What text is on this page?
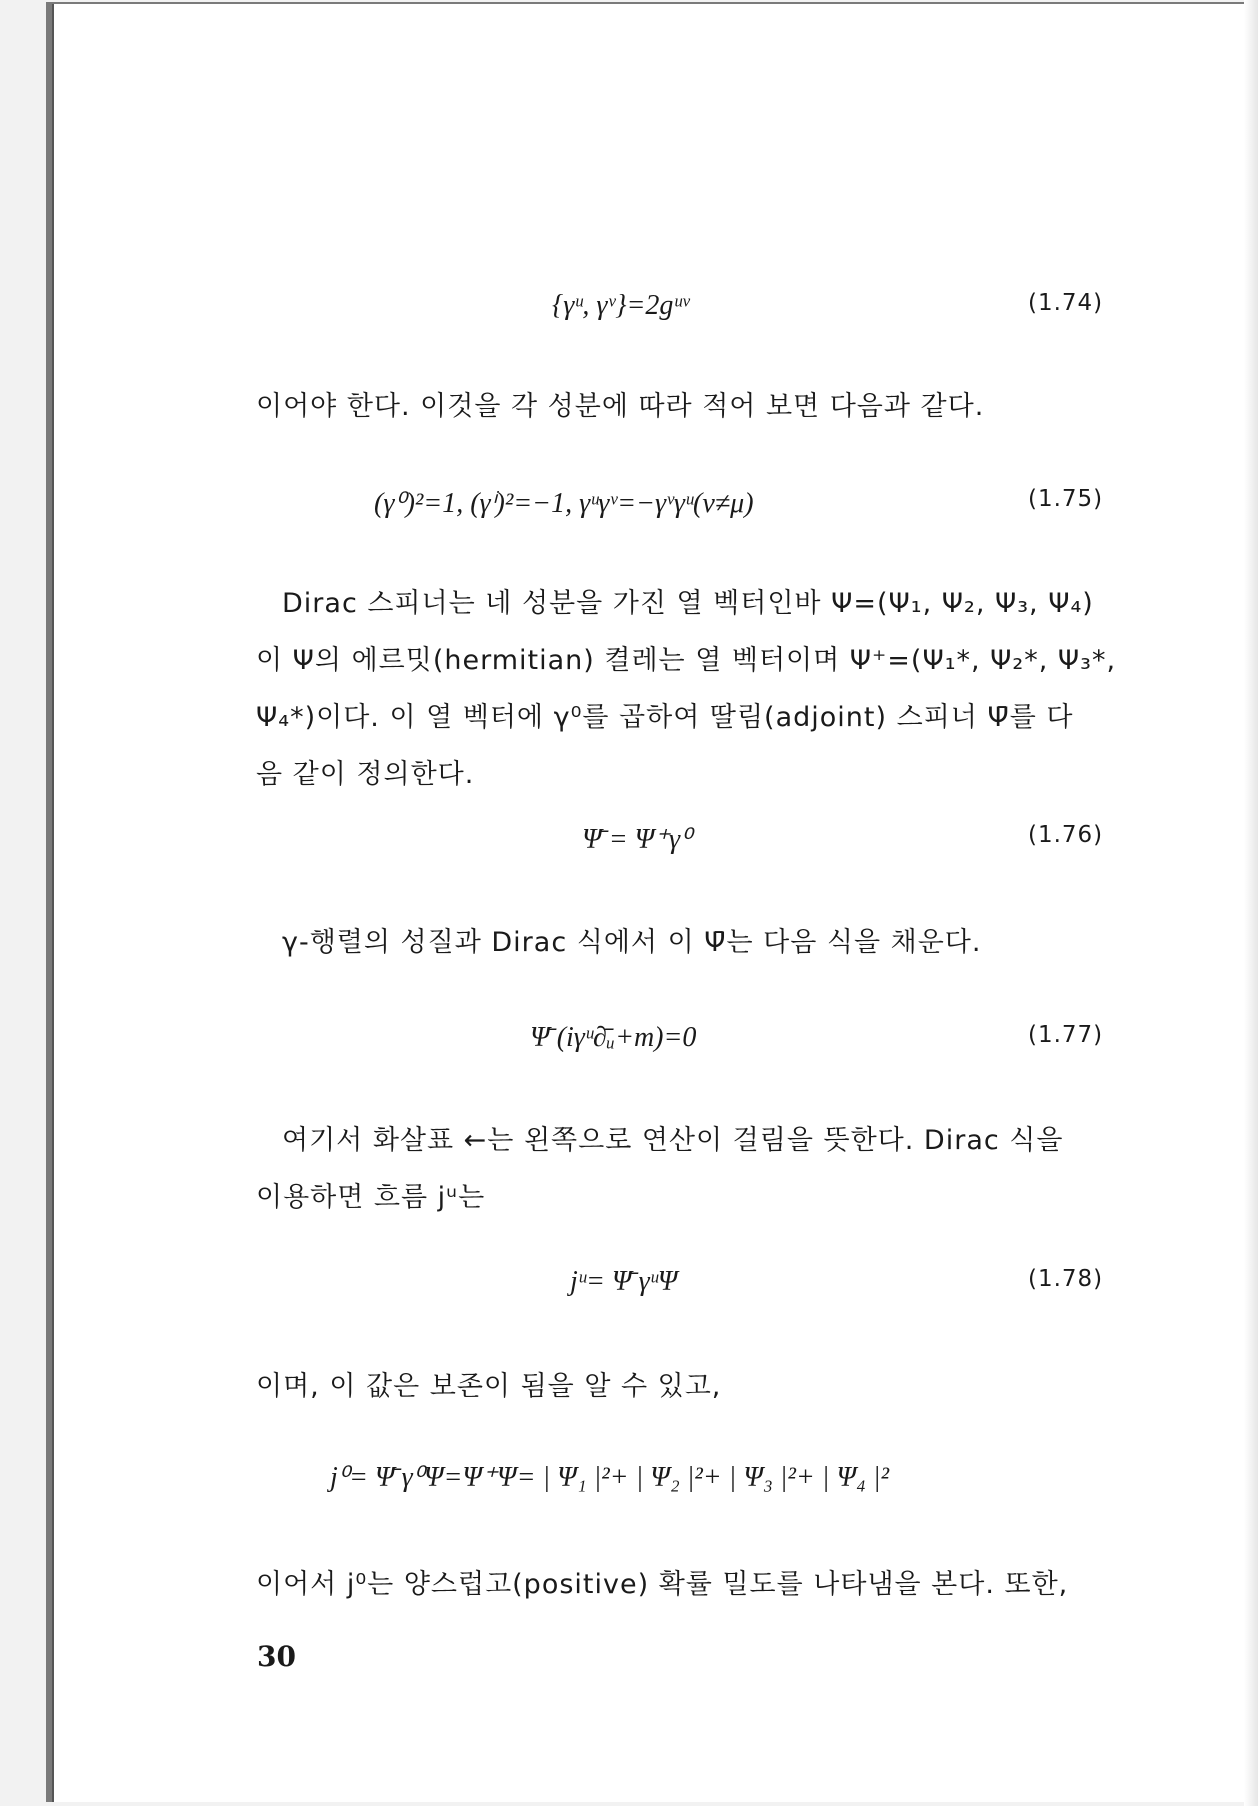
{γᵘ, γᵛ}=2gᵘᵛ	(1.74)
이어야 한다. 이것을 각 성분에 따라 적어 보면 다음과 같다.
(γ⁰)²=1, (γⁱ)²=−1, γᵘγᵛ=−γᵛγᵘ(ν≠μ)	(1.75)
Dirac 스피너는 네 성분을 가진 열 벡터인바 Ψ=(Ψ₁, Ψ₂, Ψ₃, Ψ₄)
이 Ψ의 에르밋(hermitian) 켤레는 열 벡터이며 Ψ⁺=(Ψ₁*, Ψ₂*, Ψ₃*,
Ψ₄*)이다. 이 열 벡터에 γ⁰를 곱하여 딸림(adjoint) 스피너 Ψ̄를 다
음 같이 정의한다.
Ψ̄ = Ψ⁺γ⁰	(1.76)
γ-행렬의 성질과 Dirac 식에서 이 Ψ̄는 다음 식을 채운다.
Ψ̄ (iγᵘ∂̄ᵤ+m)=0	(1.77)
여기서 화살표 ←는 왼쪽으로 연산이 걸림을 뜻한다. Dirac 식을
이용하면 흐름 jᵘ는
jᵘ= Ψ̄ γᵘΨ	(1.78)
이며, 이 값은 보존이 됨을 알 수 있고,
j⁰= Ψ̄ γ⁰Ψ=Ψ⁺Ψ= | Ψ₁ |²+ | Ψ₂ |²+ | Ψ₃ |²+ | Ψ₄ |²
이어서 j⁰는 양스럽고(positive) 확률 밀도를 나타냄을 본다. 또한,
30
